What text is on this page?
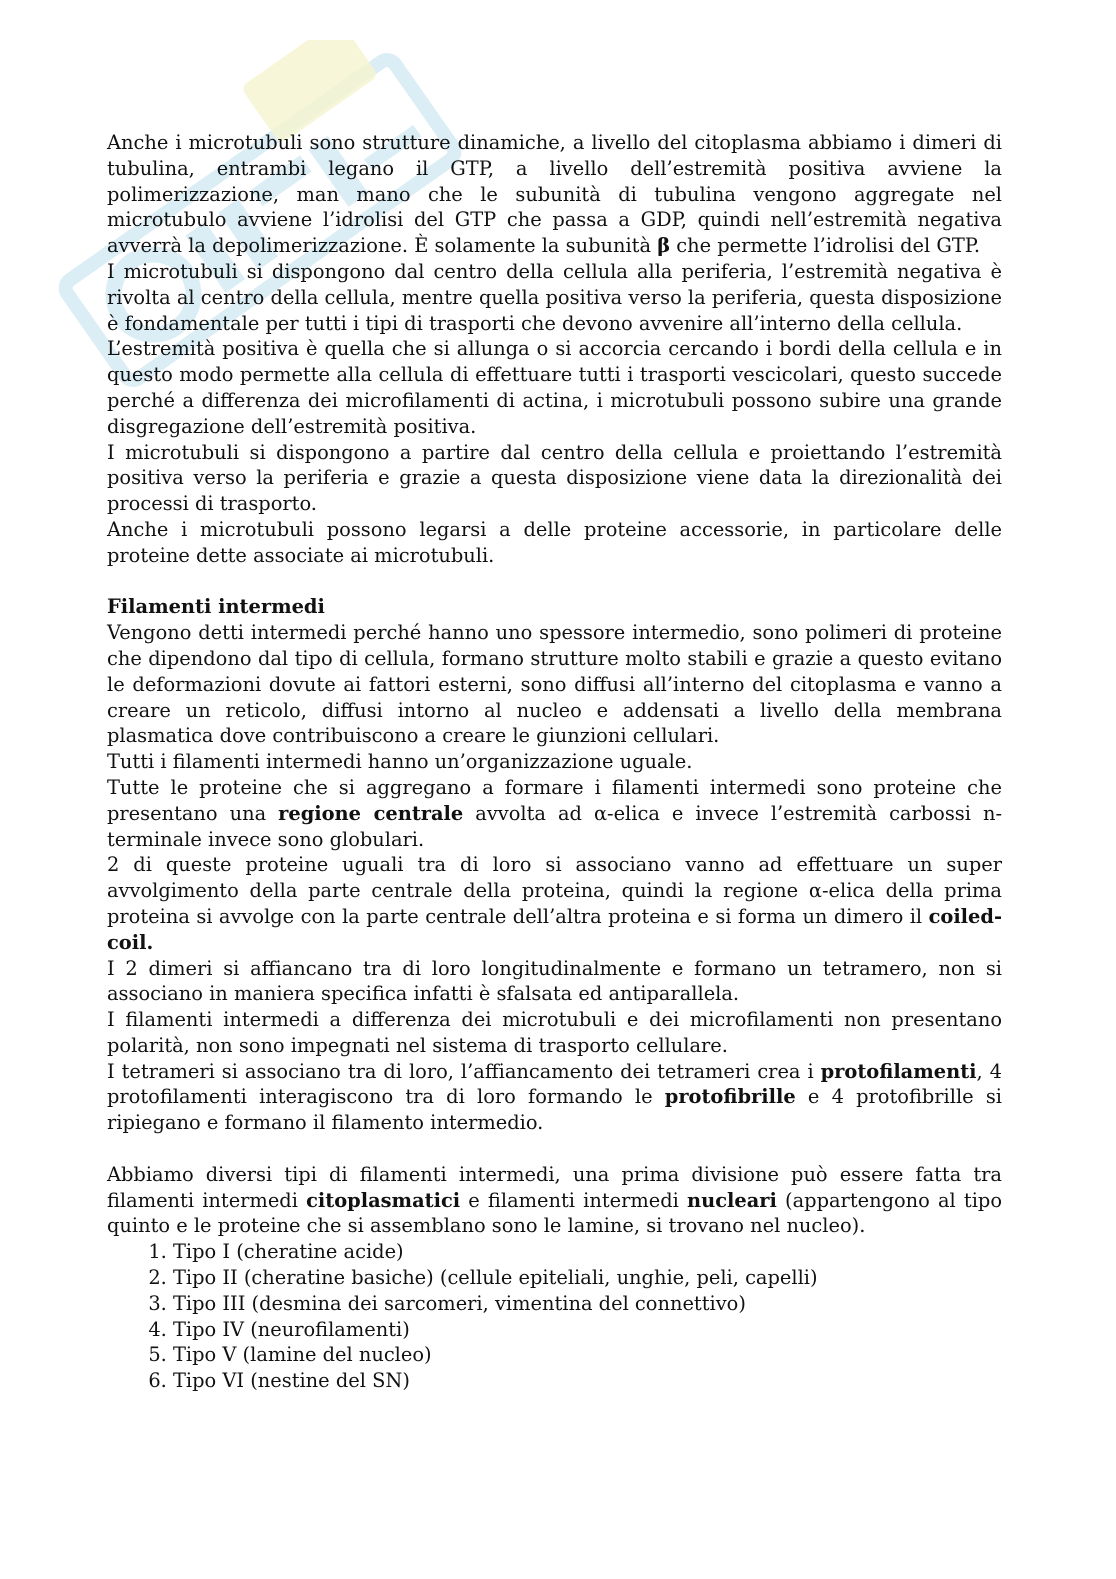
Anche i microtubuli sono strutture dinamiche, a livello del citoplasma abbiamo i dimeri di tubulina, entrambi legano il GTP, a livello dell’estremità positiva avviene la polimerizzazione, man mano che le subunità di tubulina vengono aggregate nel microtubulo avviene l’idrolisi del GTP che passa a GDP, quindi nell’estremità negativa avverrà la depolimerizzazione. È solamente la subunità β che permette l’idrolisi del GTP.

I microtubuli si dispongono dal centro della cellula alla periferia, l’estremità negativa è rivolta al centro della cellula, mentre quella positiva verso la periferia, questa disposizione è fondamentale per tutti i tipi di trasporti che devono avvenire all’interno della cellula.

L’estremità positiva è quella che si allunga o si accorcia cercando i bordi della cellula e in questo modo permette alla cellula di effettuare tutti i trasporti vescicolari, questo succede perché a differenza dei microfilamenti di actina, i microtubuli possono subire una grande disgregazione dell’estremità positiva.

I microtubuli si dispongono a partire dal centro della cellula e proiettando l’estremità positiva verso la periferia e grazie a questa disposizione viene data la direzionalità dei processi di trasporto.

Anche i microtubuli possono legarsi a delle proteine accessorie, in particolare delle proteine dette associate ai microtubuli.

Filamenti intermedi

Vengono detti intermedi perché hanno uno spessore intermedio, sono polimeri di proteine che dipendono dal tipo di cellula, formano strutture molto stabili e grazie a questo evitano le deformazioni dovute ai fattori esterni, sono diffusi all’interno del citoplasma e vanno a creare un reticolo, diffusi intorno al nucleo e addensati a livello della membrana plasmatica dove contribuiscono a creare le giunzioni cellulari.

Tutti i filamenti intermedi hanno un’organizzazione uguale.

Tutte le proteine che si aggregano a formare i filamenti intermedi sono proteine che presentano una regione centrale avvolta ad α-elica e invece l’estremità carbossi n-terminale invece sono globulari.

2 di queste proteine uguali tra di loro si associano vanno ad effettuare un super avvolgimento della parte centrale della proteina, quindi la regione α-elica della prima proteina si avvolge con la parte centrale dell’altra proteina e si forma un dimero il coiled-coil.

I 2 dimeri si affiancano tra di loro longitudinalmente e formano un tetramero, non si associano in maniera specifica infatti è sfalsata ed antiparallela.

I filamenti intermedi a differenza dei microtubuli e dei microfilamenti non presentano polarità, non sono impegnati nel sistema di trasporto cellulare.

I tetrameri si associano tra di loro, l’affiancamento dei tetrameri crea i protofilamenti, 4 protofilamenti interagiscono tra di loro formando le protofibrille e 4 protofibrille si ripiegano e formano il filamento intermedio.

Abbiamo diversi tipi di filamenti intermedi, una prima divisione può essere fatta tra filamenti intermedi citoplasmatici e filamenti intermedi nucleari (appartengono al tipo quinto e le proteine che si assemblano sono le lamine, si trovano nel nucleo).

1. Tipo I (cheratine acide)
2. Tipo II (cheratine basiche) (cellule epiteliali, unghie, peli, capelli)
3. Tipo III (desmina dei sarcomeri, vimentina del connettivo)
4. Tipo IV (neurofilamenti)
5. Tipo V (lamine del nucleo)
6. Tipo VI (nestine del SN)
